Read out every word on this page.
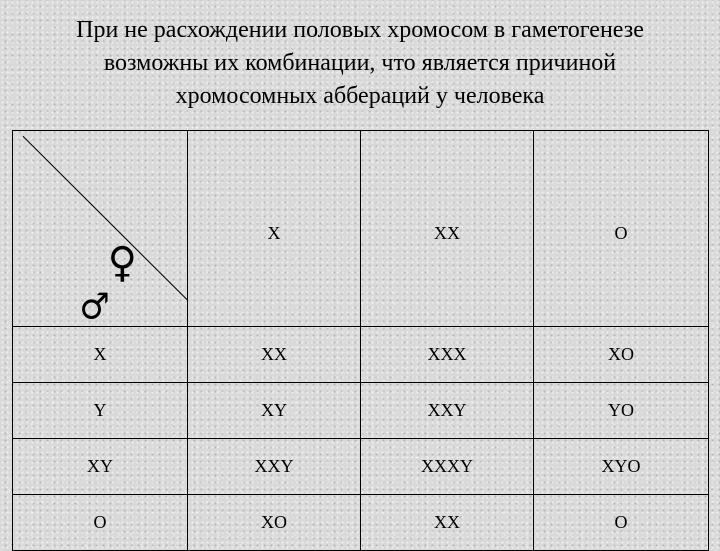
При не расхождении половых хромосом в гаметогенезе
возможны их комбинации, что является причиной
хромосомных аббераций у человека
♀
♂	X	XX	O
X	XX	XXX	XO
Y	XY	XXY	YO
XY	XXY	XXXY	XYO
O	XO	XX	O
